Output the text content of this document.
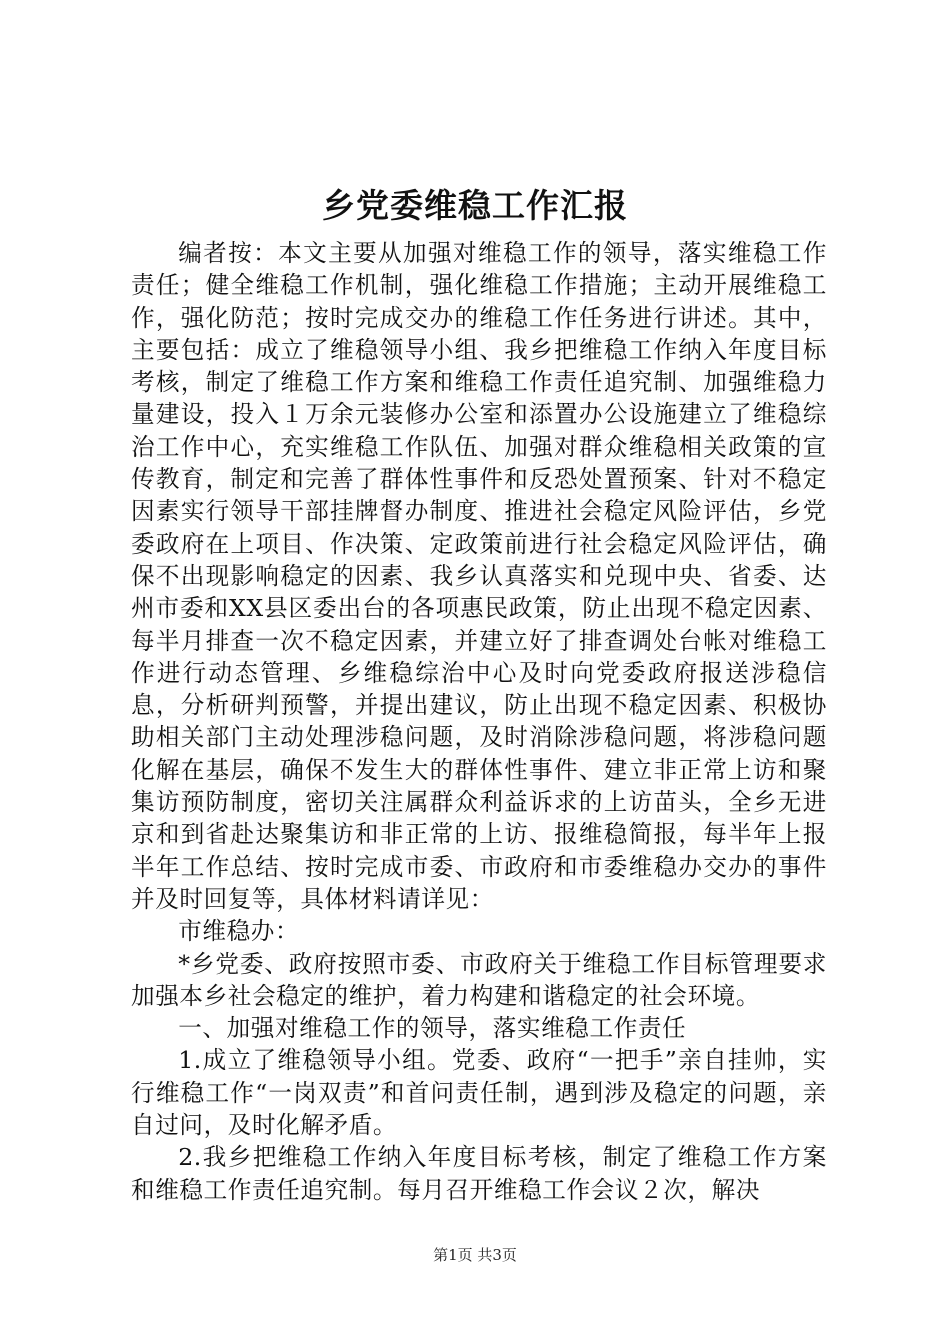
乡党委维稳工作汇报

编者按：本文主要从加强对维稳工作的领导，落实维稳工作责任；健全维稳工作机制，强化维稳工作措施；主动开展维稳工作，强化防范；按时完成交办的维稳工作任务进行讲述。其中，主要包括：成立了维稳领导小组、我乡把维稳工作纳入年度目标考核，制定了维稳工作方案和维稳工作责任追究制、加强维稳力量建设，投入１万余元装修办公室和添置办公设施建立了维稳综治工作中心，充实维稳工作队伍、加强对群众维稳相关政策的宣传教育，制定和完善了群体性事件和反恐处置预案、针对不稳定因素实行领导干部挂牌督办制度、推进社会稳定风险评估，乡党委政府在上项目、作决策、定政策前进行社会稳定风险评估，确保不出现影响稳定的因素、我乡认真落实和兑现中央、省委、达州市委和XX县区委出台的各项惠民政策，防止出现不稳定因素、每半月排查一次不稳定因素，并建立好了排查调处台帐对维稳工作进行动态管理、乡维稳综治中心及时向党委政府报送涉稳信息，分析研判预警，并提出建议，防止出现不稳定因素、积极协助相关部门主动处理涉稳问题，及时消除涉稳问题，将涉稳问题化解在基层，确保不发生大的群体性事件、建立非正常上访和聚集访预防制度，密切关注属群众利益诉求的上访苗头，全乡无进京和到省赴达聚集访和非正常的上访、报维稳简报，每半年上报半年工作总结、按时完成市委、市政府和市委维稳办交办的事件并及时回复等，具体材料请详见：

市维稳办：

*乡党委、政府按照市委、市政府关于维稳工作目标管理要求加强本乡社会稳定的维护，着力构建和谐稳定的社会环境。

一、加强对维稳工作的领导，落实维稳工作责任

1.成立了维稳领导小组。党委、政府“一把手”亲自挂帅，实行维稳工作“一岗双责”和首问责任制，遇到涉及稳定的问题，亲自过问，及时化解矛盾。

2.我乡把维稳工作纳入年度目标考核，制定了维稳工作方案和维稳工作责任追究制。每月召开维稳工作会议２次，解决

第1页 共3页
